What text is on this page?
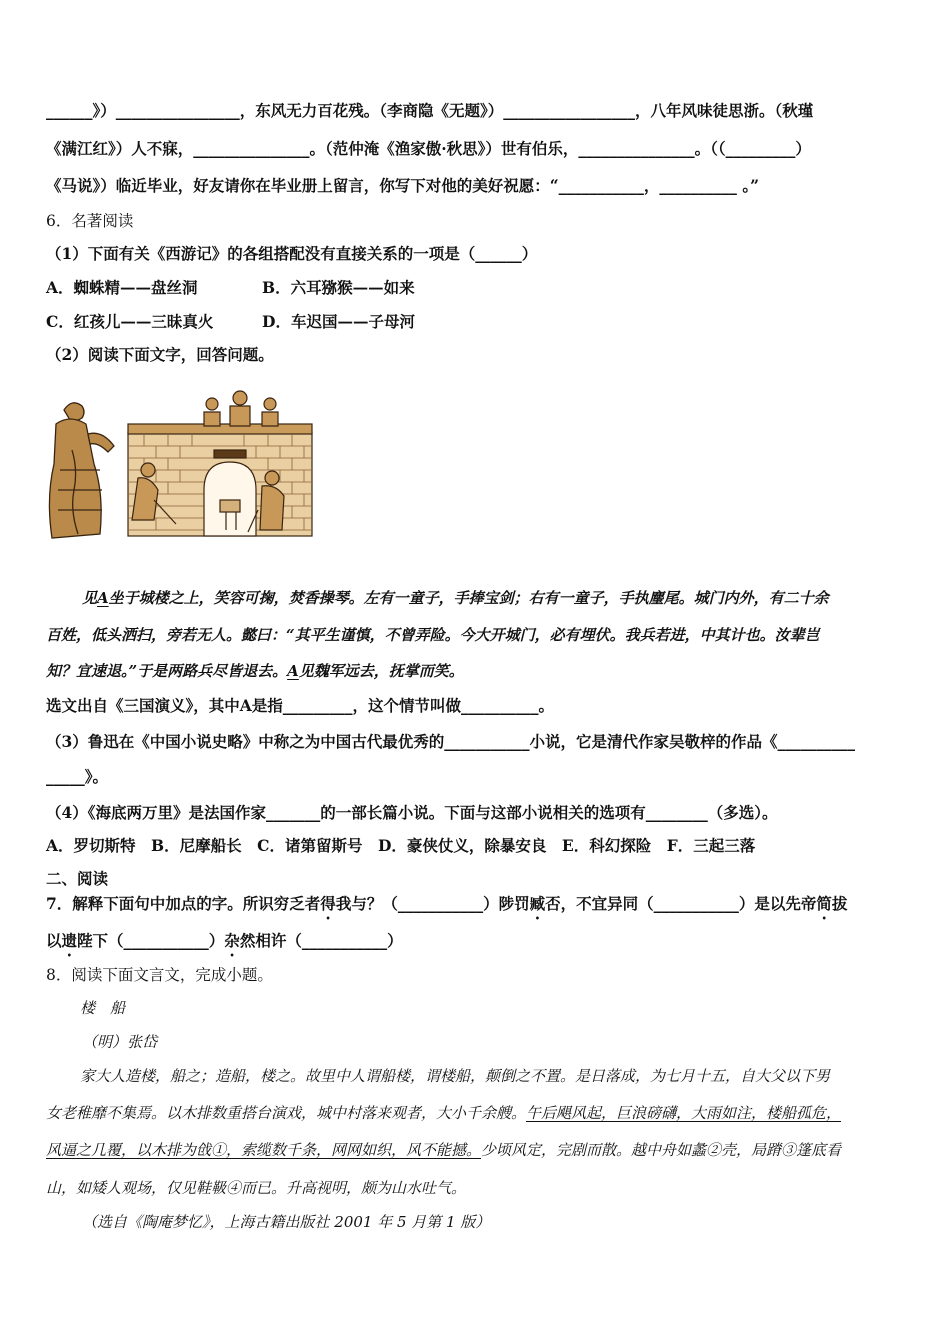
______》）________________，东风无力百花残。（李商隐《无题》）_________________，八年风味徒思浙。（秋瑾
《满江红》）人不寐，_______________。（范仲淹《渔家傲·秋思》）世有伯乐，_______________。（（_________）
《马说》）临近毕业，好友请你在毕业册上留言，你写下对他的美好祝愿：“___________，__________ 。”
6．名著阅读
（1）下面有关《西游记》的各组搭配没有直接关系的一项是（______）
A．蜘蛛精——盘丝洞	B．六耳猕猴——如来
C．红孩儿——三昧真火	D．车迟国——子母河
（2）阅读下面文字，回答问题。
见A坐于城楼之上，笑容可掬，焚香操琴。左有一童子，手捧宝剑；右有一童子，手执麈尾。城门内外，有二十余
百姓，低头洒扫，旁若无人。懿曰：“其平生谨慎，不曾弄险。今大开城门，必有埋伏。我兵若进，中其计也。汝辈岂
知？宜速退。”于是两路兵尽皆退去。A见魏军远去，抚掌而笑。
选文出自《三国演义》，其中A是指_________，这个情节叫做__________。
（3）鲁迅在《中国小说史略》中称之为中国古代最优秀的___________小说，它是清代作家吴敬梓的作品《__________
_____》。
（4）《海底两万里》是法国作家_______的一部长篇小说。下面与这部小说相关的选项有________（多选）。
A．罗切斯特　B．尼摩船长　C．诸第留斯号　D．豪侠仗义，除暴安良　E．科幻探险　F．三起三落
二、阅读
7．解释下面句中加点的字。所识穷乏者得我与？（___________）陟罚臧否，不宜异同（___________）是以先帝简拔
以遗陛下（___________）杂然相许（___________）
8．阅读下面文言文，完成小题。
楼　船
（明）张岱
家大人造楼，船之；造船，楼之。故里中人谓船楼，谓楼船，颠倒之不置。是日落成，为七月十五，自大父以下男
女老稚靡不集焉。以木排数重搭台演戏，城中村落来观者，大小千余艘。午后飓风起，巨浪磅礴，大雨如注，楼船孤危，
风逼之几覆，以木排为戗①，索缆数千条，网网如织，风不能撼。少顷风定，完剧而散。越中舟如蠡②壳，局蹐③篷底看
山，如矮人观场，仅见鞋靸④而已。升高视明，颇为山水吐气。
（选自《陶庵梦忆》，上海古籍出版社 2001 年 5 月第 1 版）
